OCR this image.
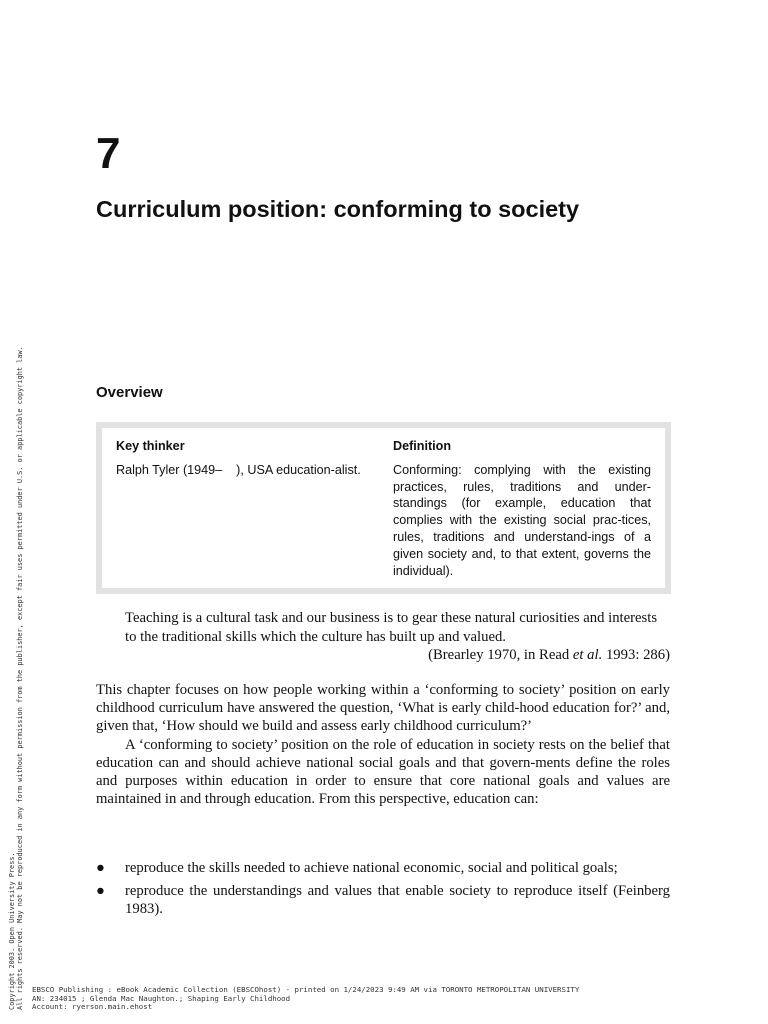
7
Curriculum position: conforming to society
Overview
Key thinker
Ralph Tyler (1949–    ), USA education-alist.
Definition
Conforming: complying with the existing practices, rules, traditions and under-standings (for example, education that complies with the existing social prac-tices, rules, traditions and understand-ings of a given society and, to that extent, governs the individual).
Teaching is a cultural task and our business is to gear these natural curiosities and interests to the traditional skills which the culture has built up and valued.
(Brearley 1970, in Read et al. 1993: 286)

This chapter focuses on how people working within a ‘conforming to society’ position on early childhood curriculum have answered the question, ‘What is early child-hood education for?’ and, given that, ‘How should we build and assess early childhood curriculum?’

A ‘conforming to society’ position on the role of education in society rests on the belief that education can and should achieve national social goals and that govern-ments define the roles and purposes within education in order to ensure that core national goals and values are maintained in and through education. From this perspective, education can:

● reproduce the skills needed to achieve national economic, social and political goals;
● reproduce the understandings and values that enable society to reproduce itself (Feinberg 1983).
Copyright 2003. Open University Press. All rights reserved. May not be reproduced in any form without permission from the publisher, except fair uses permitted under U.S. or applicable copyright law. EBSCO Publishing : eBook Academic Collection (EBSCOhost) - printed on 1/24/2023 9:49 AM via TORONTO METROPOLITAN UNIVERSITY
AN: 234015 ; Glenda Mac Naughton.; Shaping Early Childhood
Account: ryerson.main.ehost
